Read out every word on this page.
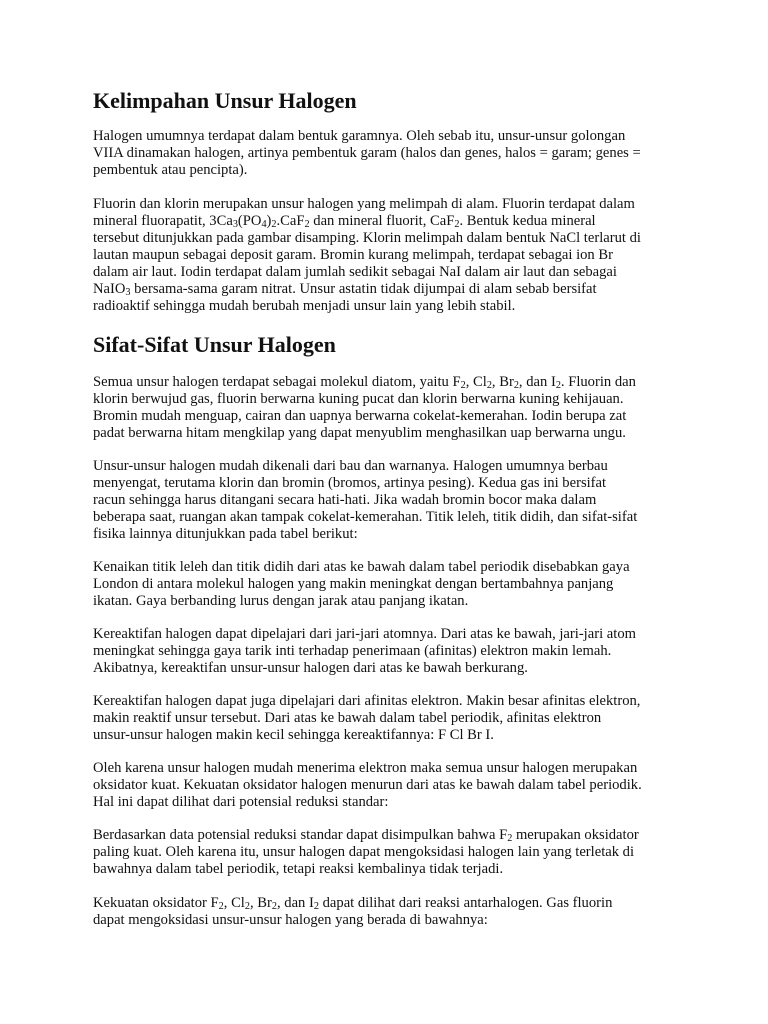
Kelimpahan Unsur Halogen

Halogen umumnya terdapat dalam bentuk garamnya. Oleh sebab itu, unsur-unsur golongan
VIIA dinamakan halogen, artinya pembentuk garam (halos dan genes, halos = garam; genes =
pembentuk atau pencipta).

Fluorin dan klorin merupakan unsur halogen yang melimpah di alam. Fluorin terdapat dalam
mineral fluorapatit, $3Ca_3(PO_4)_2.CaF_2$ dan mineral fluorit, CaF$_2$. Bentuk kedua mineral
tersebut ditunjukkan pada gambar disamping. Klorin melimpah dalam bentuk NaCl terlarut di
lautan maupun sebagai deposit garam. Bromin kurang melimpah, terdapat sebagai ion Br
dalam air laut. Iodin terdapat dalam jumlah sedikit sebagai NaI dalam air laut dan sebagai
NaIO$_3$ bersama-sama garam nitrat. Unsur astatin tidak dijumpai di alam sebab bersifat
radioaktif sehingga mudah berubah menjadi unsur lain yang lebih stabil.

Sifat-Sifat Unsur Halogen

Semua unsur halogen terdapat sebagai molekul diatom, yaitu $F_2$, $Cl_2$, $Br_2$, dan $I_2$. Fluorin dan
klorin berwujud gas, fluorin berwarna kuning pucat dan klorin berwarna kuning kehijauan.
Bromin mudah menguap, cairan dan uapnya berwarna cokelat-kemerahan. Iodin berupa zat
padat berwarna hitam mengkilap yang dapat menyublim menghasilkan uap berwarna ungu.

Unsur-unsur halogen mudah dikenali dari bau dan warnanya. Halogen umumnya berbau
menyengat, terutama klorin dan bromin (bromos, artinya pesing). Kedua gas ini bersifat
racun sehingga harus ditangani secara hati-hati. Jika wadah bromin bocor maka dalam
beberapa saat, ruangan akan tampak cokelat-kemerahan. Titik leleh, titik didih, dan sifat-sifat
fisika lainnya ditunjukkan pada tabel berikut:

Kenaikan titik leleh dan titik didih dari atas ke bawah dalam tabel periodik disebabkan gaya
London di antara molekul halogen yang makin meningkat dengan bertambahnya panjang
ikatan. Gaya berbanding lurus dengan jarak atau panjang ikatan.

Kereaktifan halogen dapat dipelajari dari jari-jari atomnya. Dari atas ke bawah, jari-jari atom
meningkat sehingga gaya tarik inti terhadap penerimaan (afinitas) elektron makin lemah.
Akibatnya, kereaktifan unsur-unsur halogen dari atas ke bawah berkurang.

Kereaktifan halogen dapat juga dipelajari dari afinitas elektron. Makin besar afinitas elektron,
makin reaktif unsur tersebut. Dari atas ke bawah dalam tabel periodik, afinitas elektron
unsur-unsur halogen makin kecil sehingga kereaktifannya: F Cl Br I.

Oleh karena unsur halogen mudah menerima elektron maka semua unsur halogen merupakan
oksidator kuat. Kekuatan oksidator halogen menurun dari atas ke bawah dalam tabel periodik.
Hal ini dapat dilihat dari potensial reduksi standar:

Berdasarkan data potensial reduksi standar dapat disimpulkan bahwa $F_2$ merupakan oksidator
paling kuat. Oleh karena itu, unsur halogen dapat mengoksidasi halogen lain yang terletak di
bawahnya dalam tabel periodik, tetapi reaksi kembalinya tidak terjadi.

Kekuatan oksidator $F_2$, $Cl_2$, $Br_2$, dan $I_2$ dapat dilihat dari reaksi antarhalogen. Gas fluorin
dapat mengoksidasi unsur-unsur halogen yang berada di bawahnya:
